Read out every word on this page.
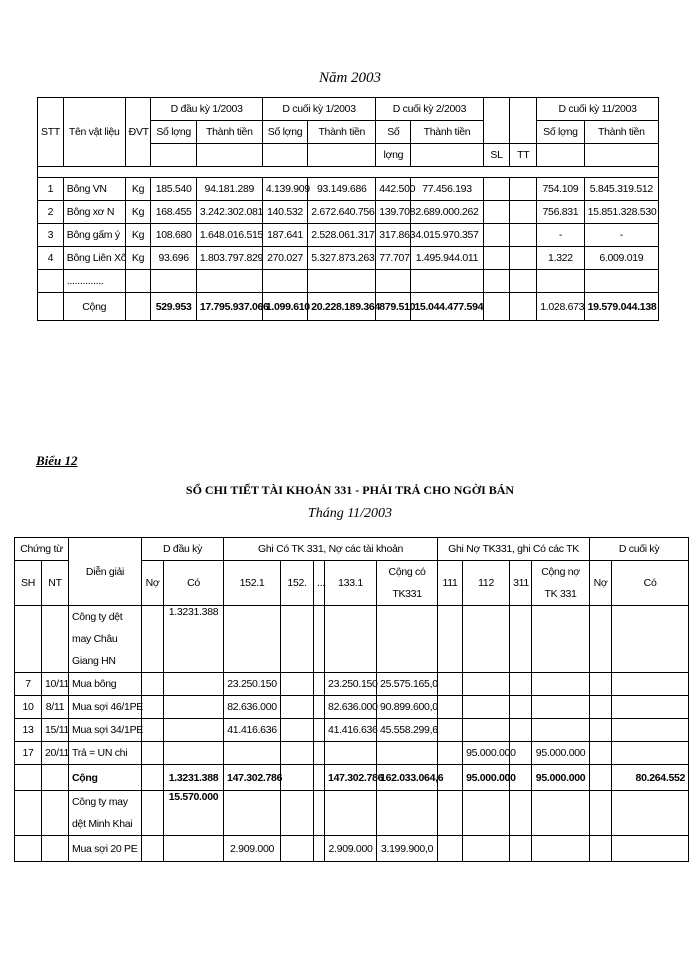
Năm 2003
STT	Tên vật liệu	ĐVT	D đầu kỳ 1/2003		D cuối kỳ 1/2003		D cuối kỳ 2/2003				D cuối kỳ 11/2003	
			Số lợng	Thành tiền	Số lợng	Thành tiền	Số	Thành tiền			Số lợng	Thành tiền
							lợng		SL	TT		

1	Bông VN	Kg	185.540	94.181.289	4.139.909	93.149.686	442.500	77.456.193			754.109	5.845.319.512
2	Bông xơ N	Kg	168.455	3.242.302.081	140.532	2.672.640.756	139.708	2.689.000.262			756.831	15.851.328.530
3	Bông gấm ý	Kg	108.680	1.648.016.515	187.641	2.528.061.317	317.863	4.015.970.357			-	-
4	Bông Liên Xô	Kg	93.696	1.803.797.829	270.027	5.327.873.263	77.707	1.495.944.011			1.322	6.009.019
	..............											
	Cộng		529.953	17.795.937.066	1.099.610	20.228.189.364	879.510	15.044.477.594			1.028.673	19.579.044.138
Biểu 12
SỔ CHI TIẾT TÀI KHOẢN 331 - PHẢI TRẢ CHO NGỜI BÁN
Tháng 11/2003
Chứng từ		Diễn giải	D đầu kỳ		Ghi Có TK 331, Nợ các tài khoản					Ghi Nợ TK331, ghi Có các TK				D cuối kỳ	
SH	NT		Nợ	Có	152.1	152.	...	133.1	Cộng có TK331	111	112	311	Cộng nợ TK 331	Nợ	Có
		Công ty dệt may Châu Giang HN		1.3231.388											
7	10/11	Mua bông			23.250.150			23.250.150	25.575.165,0						
10	8/11	Mua sợi 46/1PE			82.636.000			82.636.000	90.899.600,0						
13	15/11	Mua sợi 34/1PE			41.416.636			41.416.636	45.558.299,6						
17	20/11	Trả = UN chi									95.000.000		95.000.000		
		Cộng		1.3231.388	147.302.786			147.302.786	162.033.064,6		95.000.000		95.000.000		80.264.552
		Công ty may dệt Minh Khai		15.570.000											
		Mua sợi 20 PE			2.909.000			2.909.000	3.199.900,0						
